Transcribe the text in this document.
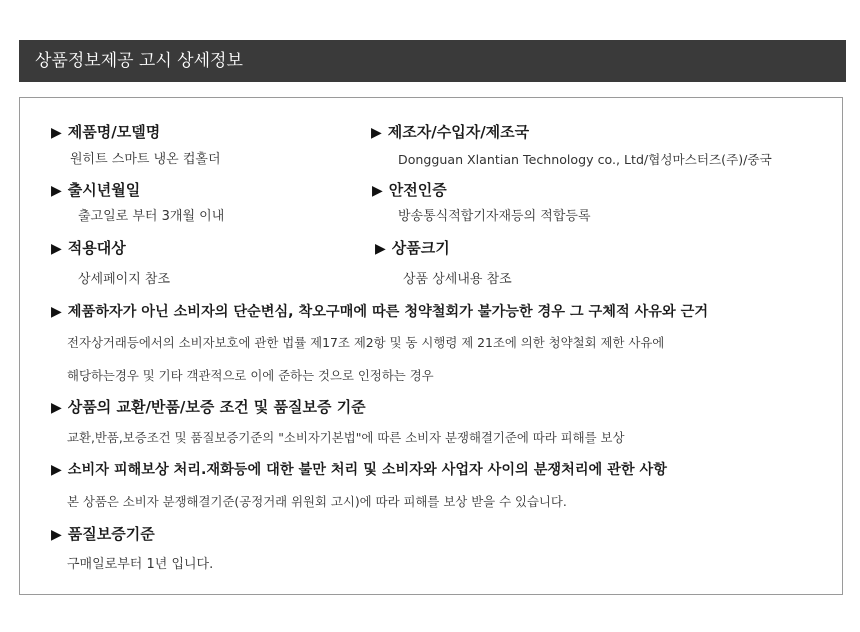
상품정보제공 고시 상세정보
▶ 제품명/모델명
원히트 스마트 냉온 컵홀더
▶ 제조자/수입자/제조국
Dongguan Xlantian Technology co., Ltd/협성마스터즈(주)/중국
▶ 출시년월일
출고일로 부터 3개월 이내
▶ 안전인증
방송통식적합기자재등의 적합등록
▶ 적용대상
상세페이지 참조
▶ 상품크기
상품 상세내용 참조
▶ 제품하자가 아닌 소비자의 단순변심, 착오구매에 따른 청약철회가 불가능한 경우 그 구체적 사유와 근거
전자상거래등에서의 소비자보호에 관한 법률 제17조 제2항 및 동 시행령 제 21조에 의한 청약철회 제한 사유에
해당하는경우 및 기타 객관적으로 이에 준하는 것으로 인정하는 경우
▶ 상품의 교환/반품/보증 조건 및 품질보증 기준
교환,반품,보증조건 및 품질보증기준의 "소비자기본법"에 따른 소비자 분쟁해결기준에 따라 피해를 보상
▶ 소비자 피해보상 처리.재화등에 대한 불만 처리 및 소비자와 사업자 사이의 분쟁처리에 관한 사항
본 상품은 소비자 분쟁해결기준(공정거래 위원회 고시)에 따라 피해를 보상 받을 수 있습니다.
▶ 품질보증기준
구매일로부터 1년 입니다.
